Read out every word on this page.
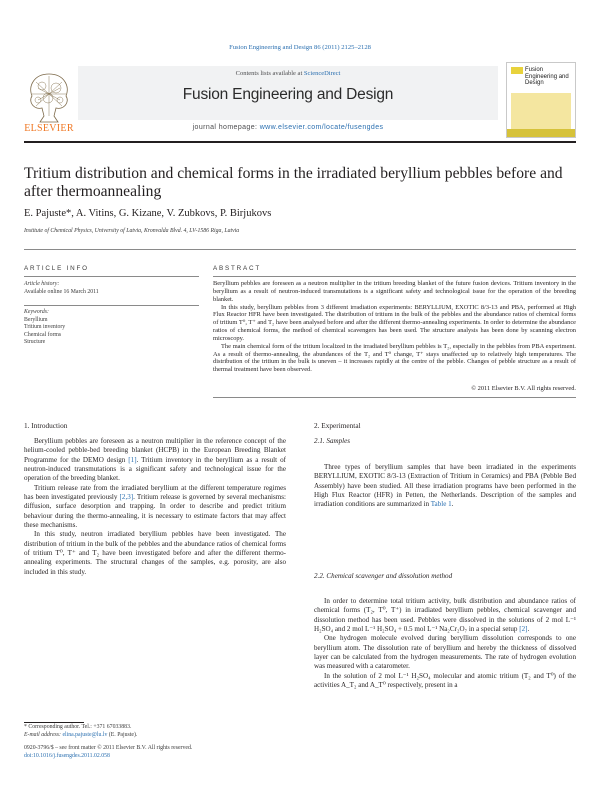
Fusion Engineering and Design 86 (2011) 2125–2128
Contents lists available at ScienceDirect
Fusion Engineering and Design
journal homepage: www.elsevier.com/locate/fusengdes
ELSEVIER
Fusion Engineering and Design
Tritium distribution and chemical forms in the irradiated beryllium pebbles before and after thermoannealing
E. Pajuste*, A. Vitins, G. Kizane, V. Zubkovs, P. Birjukovs
Institute of Chemical Physics, University of Latvia, Kronvalda Blvd. 4, LV-1586 Riga, Latvia
ARTICLE INFO
Article history:
Available online 16 March 2011
Keywords:
Beryllium
Tritium inventory
Chemical forms
Structure
ABSTRACT

Beryllium pebbles are foreseen as a neutron multiplier in the tritium breeding blanket of the future fusion devices. Tritium inventory in the beryllium as a result of neutron-induced transmutations is a significant safety and technological issue for the operation of the breeding blanket.

In this study, beryllium pebbles from 3 different irradiation experiments: BERYLLIUM, EXOTIC 8/3-13 and PBA, performed at High Flux Reactor HFR have been investigated. The distribution of tritium in the bulk of the pebbles and the abundance ratios of chemical forms of tritium T⁰, T⁺ and T₂ have been analysed before and after the different thermo-annealing experiments. In order to determine the abundance ratios of chemical forms, the method of chemical scavengers has been used. The structure analysis has been done by scanning electron microscopy.

The main chemical form of the tritium localized in the irradiated beryllium pebbles is T₂, especially in the pebbles from PBA experiment. As a result of thermo-annealing, the abundances of the T₂ and T⁰ change, T⁺ stays unaffected up to relatively high temperatures. The distribution of the tritium in the bulk is uneven – it increases rapidly at the centre of the pebble. Changes of pebble structure as a result of thermal treatment have been observed.

© 2011 Elsevier B.V. All rights reserved.
1. Introduction

Beryllium pebbles are foreseen as a neutron multiplier in the reference concept of the helium-cooled pebble-bed breeding blanket (HCPB) in the European Breeding Blanket Programme for the DEMO design [1]. Tritium inventory in the beryllium as a result of neutron-induced transmutations is a significant safety and technological issue for the operation of the breeding blanket.

Tritium release rate from the irradiated beryllium at the different temperature regimes has been investigated previously [2,3]. Tritium release is governed by several mechanisms: diffusion, surface desorption and trapping. In order to describe and predict tritium behaviour during the thermo-annealing, it is necessary to estimate factors that may affect these mechanisms.

In this study, neutron irradiated beryllium pebbles have been investigated. The distribution of tritium in the bulk of the pebbles and the abundance ratios of chemical forms of tritium T⁰, T⁺ and T₂ have been investigated before and after the different thermo-annealing experiments. The structural changes of the samples, e.g. porosity, are also included in this study.

2. Experimental
2.1. Samples

Three types of beryllium samples that have been irradiated in the experiments BERYLLIUM, EXOTIC 8/3-13 (Extraction of Tritium in Ceramics) and PBA (Pebble Bed Assembly) have been studied. All these irradiation programs have been performed in the High Flux Reactor (HFR) in Petten, the Netherlands. Description of the samples and irradiation conditions are summarized in Table 1.

2.2. Chemical scavenger and dissolution method

In order to determine total tritium activity, bulk distribution and abundance ratios of chemical forms (T₂, T⁰, T⁺) in irradiated beryllium pebbles, chemical scavenger and dissolution method has been used. Pebbles were dissolved in the solutions of 2 mol L⁻¹ H₂SO₄ and 2 mol L⁻¹ H₂SO₄ + 0.5 mol L⁻¹ Na₂Cr₂O₇ in a special setup [2].

One hydrogen molecule evolved during beryllium dissolution corresponds to one beryllium atom. The dissolution rate of beryllium and hereby the thickness of dissolved layer can be calculated from the hydrogen measurements. The rate of hydrogen evolution was measured with a catarometer.

In the solution of 2 mol L⁻¹ H₂SO₄ molecular and atomic tritium (T₂ and T⁰) of the activities A_T₂ and A_T⁰ respectively, present in a

* Corresponding author. Tel.: +371 67033883.
E-mail address: elina.pajuste@lu.lv (E. Pajuste).
0920-3796/$ – see front matter © 2011 Elsevier B.V. All rights reserved.
doi:10.1016/j.fusengdes.2011.02.058
